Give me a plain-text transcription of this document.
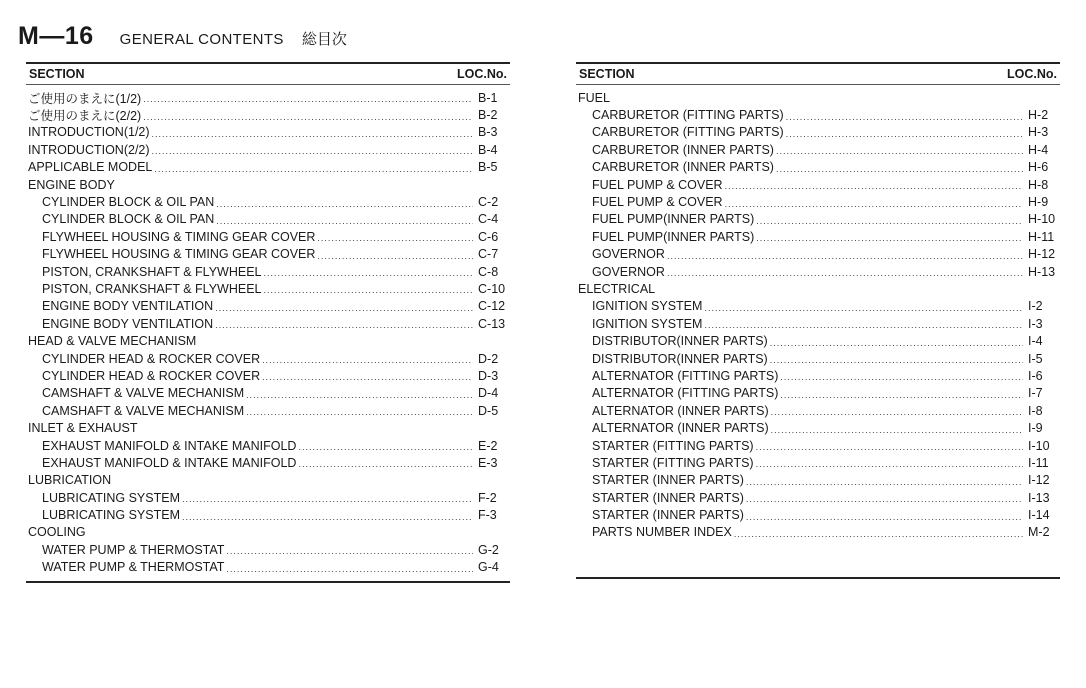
M—16 GENERAL CONTENTS 総目次
SECTION	LOC.No.
ご使用のまえに(1/2) .....	B-1
ご使用のまえに(2/2) .....	B-2
INTRODUCTION(1/2) .....	B-3
INTRODUCTION(2/2) .....	B-4
APPLICABLE MODEL .....	B-5
ENGINE BODY
CYLINDER BLOCK & OIL PAN .....	C-2
CYLINDER BLOCK & OIL PAN .....	C-4
FLYWHEEL HOUSING & TIMING GEAR COVER .....	C-6
FLYWHEEL HOUSING & TIMING GEAR COVER .....	C-7
PISTON, CRANKSHAFT & FLYWHEEL .....	C-8
PISTON, CRANKSHAFT & FLYWHEEL .....	C-10
ENGINE BODY VENTILATION .....	C-12
ENGINE BODY VENTILATION .....	C-13
HEAD & VALVE MECHANISM
CYLINDER HEAD & ROCKER COVER .....	D-2
CYLINDER HEAD & ROCKER COVER .....	D-3
CAMSHAFT & VALVE MECHANISM .....	D-4
CAMSHAFT & VALVE MECHANISM .....	D-5
INLET & EXHAUST
EXHAUST MANIFOLD & INTAKE MANIFOLD .....	E-2
EXHAUST MANIFOLD & INTAKE MANIFOLD .....	E-3
LUBRICATION
LUBRICATING SYSTEM .....	F-2
LUBRICATING SYSTEM .....	F-3
COOLING
WATER PUMP & THERMOSTAT .....	G-2
WATER PUMP & THERMOSTAT .....	G-4
SECTION	LOC.No.
FUEL
CARBURETOR (FITTING PARTS) .....	H-2
CARBURETOR (FITTING PARTS) .....	H-3
CARBURETOR (INNER PARTS) .....	H-4
CARBURETOR (INNER PARTS) .....	H-6
FUEL PUMP & COVER .....	H-8
FUEL PUMP & COVER .....	H-9
FUEL PUMP(INNER PARTS) .....	H-10
FUEL PUMP(INNER PARTS) .....	H-11
GOVERNOR .....	H-12
GOVERNOR .....	H-13
ELECTRICAL
IGNITION SYSTEM .....	I-2
IGNITION SYSTEM .....	I-3
DISTRIBUTOR(INNER PARTS) .....	I-4
DISTRIBUTOR(INNER PARTS) .....	I-5
ALTERNATOR (FITTING PARTS) .....	I-6
ALTERNATOR (FITTING PARTS) .....	I-7
ALTERNATOR (INNER PARTS) .....	I-8
ALTERNATOR (INNER PARTS) .....	I-9
STARTER (FITTING PARTS) .....	I-10
STARTER (FITTING PARTS) .....	I-11
STARTER (INNER PARTS) .....	I-12
STARTER (INNER PARTS) .....	I-13
STARTER (INNER PARTS) .....	I-14
PARTS NUMBER INDEX .....	M-2
